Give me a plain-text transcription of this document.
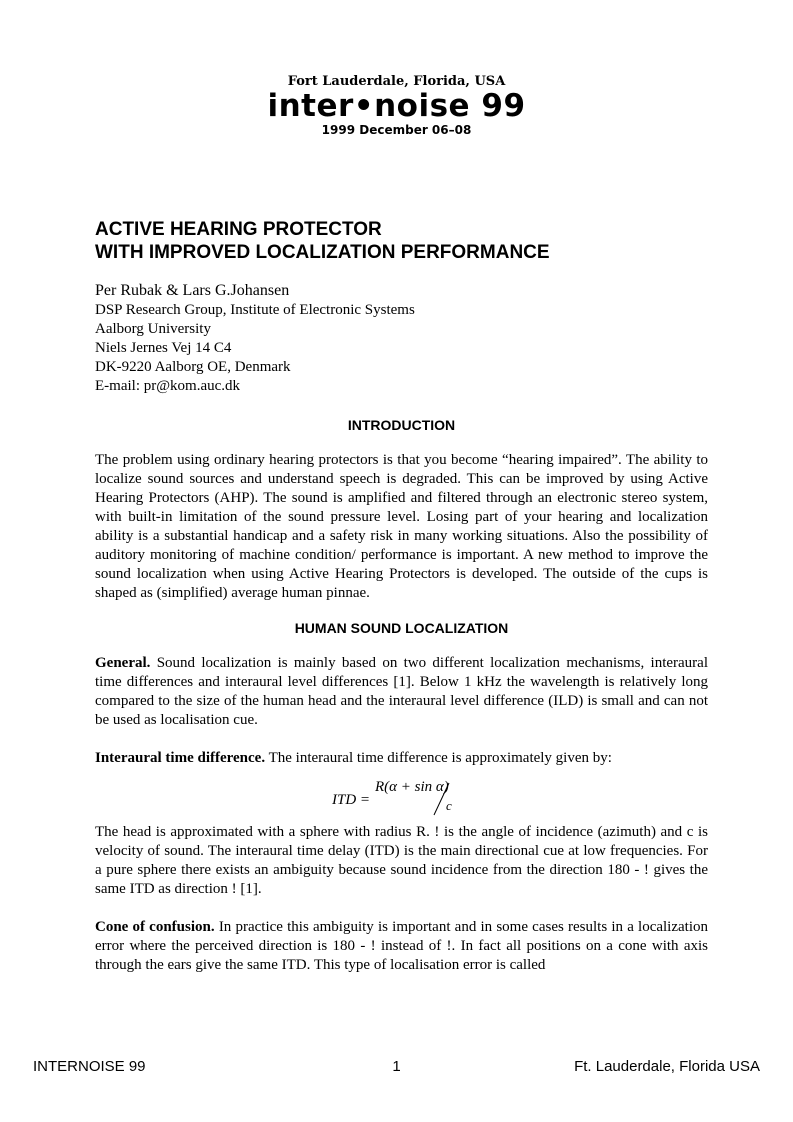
Fort Lauderdale, Florida, USA
inter•noise 99
1999 December 06–08
ACTIVE HEARING PROTECTOR
WITH IMPROVED LOCALIZATION PERFORMANCE
Per Rubak & Lars G.Johansen
DSP Research Group, Institute of Electronic Systems
Aalborg University
Niels Jernes Vej 14 C4
DK-9220 Aalborg OE, Denmark
E-mail: pr@kom.auc.dk
INTRODUCTION

The problem using ordinary hearing protectors is that you become “hearing impaired”. The ability to localize sound sources and understand speech is degraded. This can be improved by using Active Hearing Protectors (AHP). The sound is amplified and filtered through an electronic stereo system, with built-in limitation of the sound pressure level. Losing part of your hearing and localization ability is a substantial handicap and a safety risk in many working situations. Also the possibility of auditory monitoring of machine condition/ performance is important. A new method to improve the sound localization when using Active Hearing Protectors is developed. The outside of the cups is shaped as (simplified) average human pinnae.

HUMAN SOUND LOCALIZATION

General. Sound localization is mainly based on two different localization mechanisms, interaural time differences and interaural level differences [1]. Below 1 kHz the wavelength is relatively long compared to the size of the human head and the interaural level difference (ILD) is small and can not be used as localisation cue.

Interaural time difference. The interaural time difference is approximately given by:

ITD =
R(α + sin α)
c

The head is approximated with a sphere with radius R. ! is the angle of incidence (azimuth) and c is velocity of sound. The interaural time delay (ITD) is the main directional cue at low frequencies. For a pure sphere there exists an ambiguity because sound incidence from the direction 180 - ! gives the same ITD as direction ! [1].

Cone of confusion. In practice this ambiguity is important and in some cases results in a localization error where the perceived direction is 180 - ! instead of !. In fact all positions on a cone with axis through the ears give the same ITD. This type of localisation error is called

INTERNOISE 99	1	Ft. Lauderdale, Florida USA
